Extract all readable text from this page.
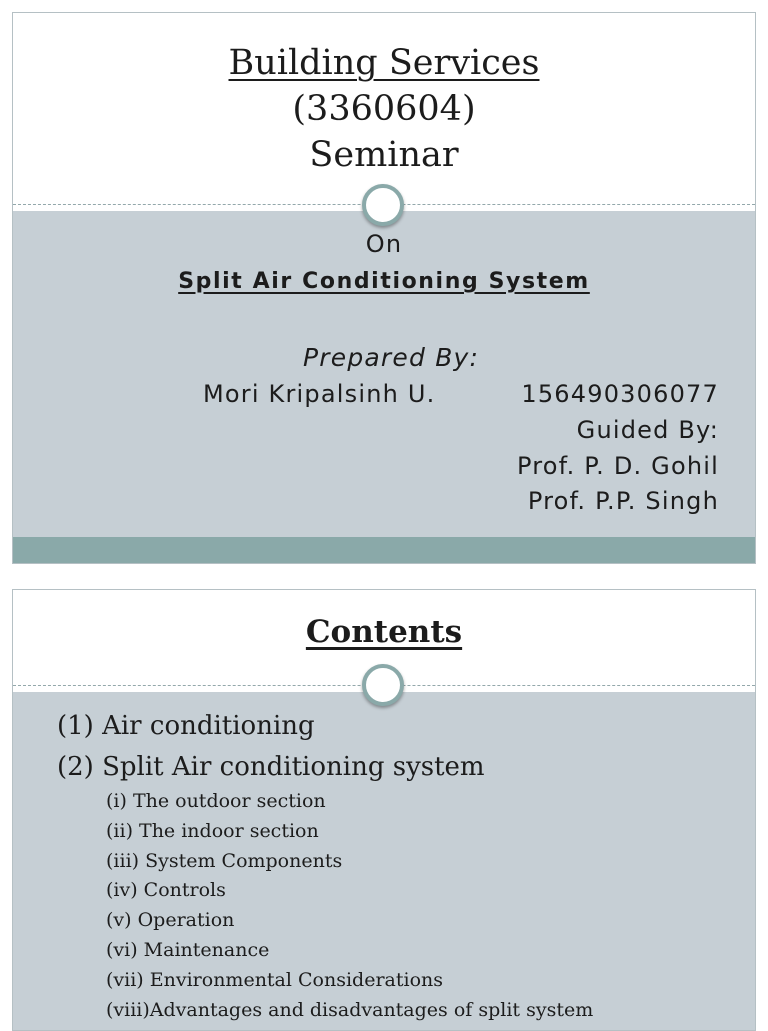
Building Services
(3360604)
Seminar
On
Split Air Conditioning System
Prepared By:
Mori Kripalsinh U.	156490306077
Guided By:
Prof. P. D. Gohil
Prof. P.P. Singh
Contents
(1) Air conditioning
(2) Split Air conditioning system
(i) The outdoor section
(ii) The indoor section
(iii) System Components
(iv) Controls
(v) Operation
(vi) Maintenance
(vii) Environmental Considerations
(viii)Advantages and disadvantages of split system
